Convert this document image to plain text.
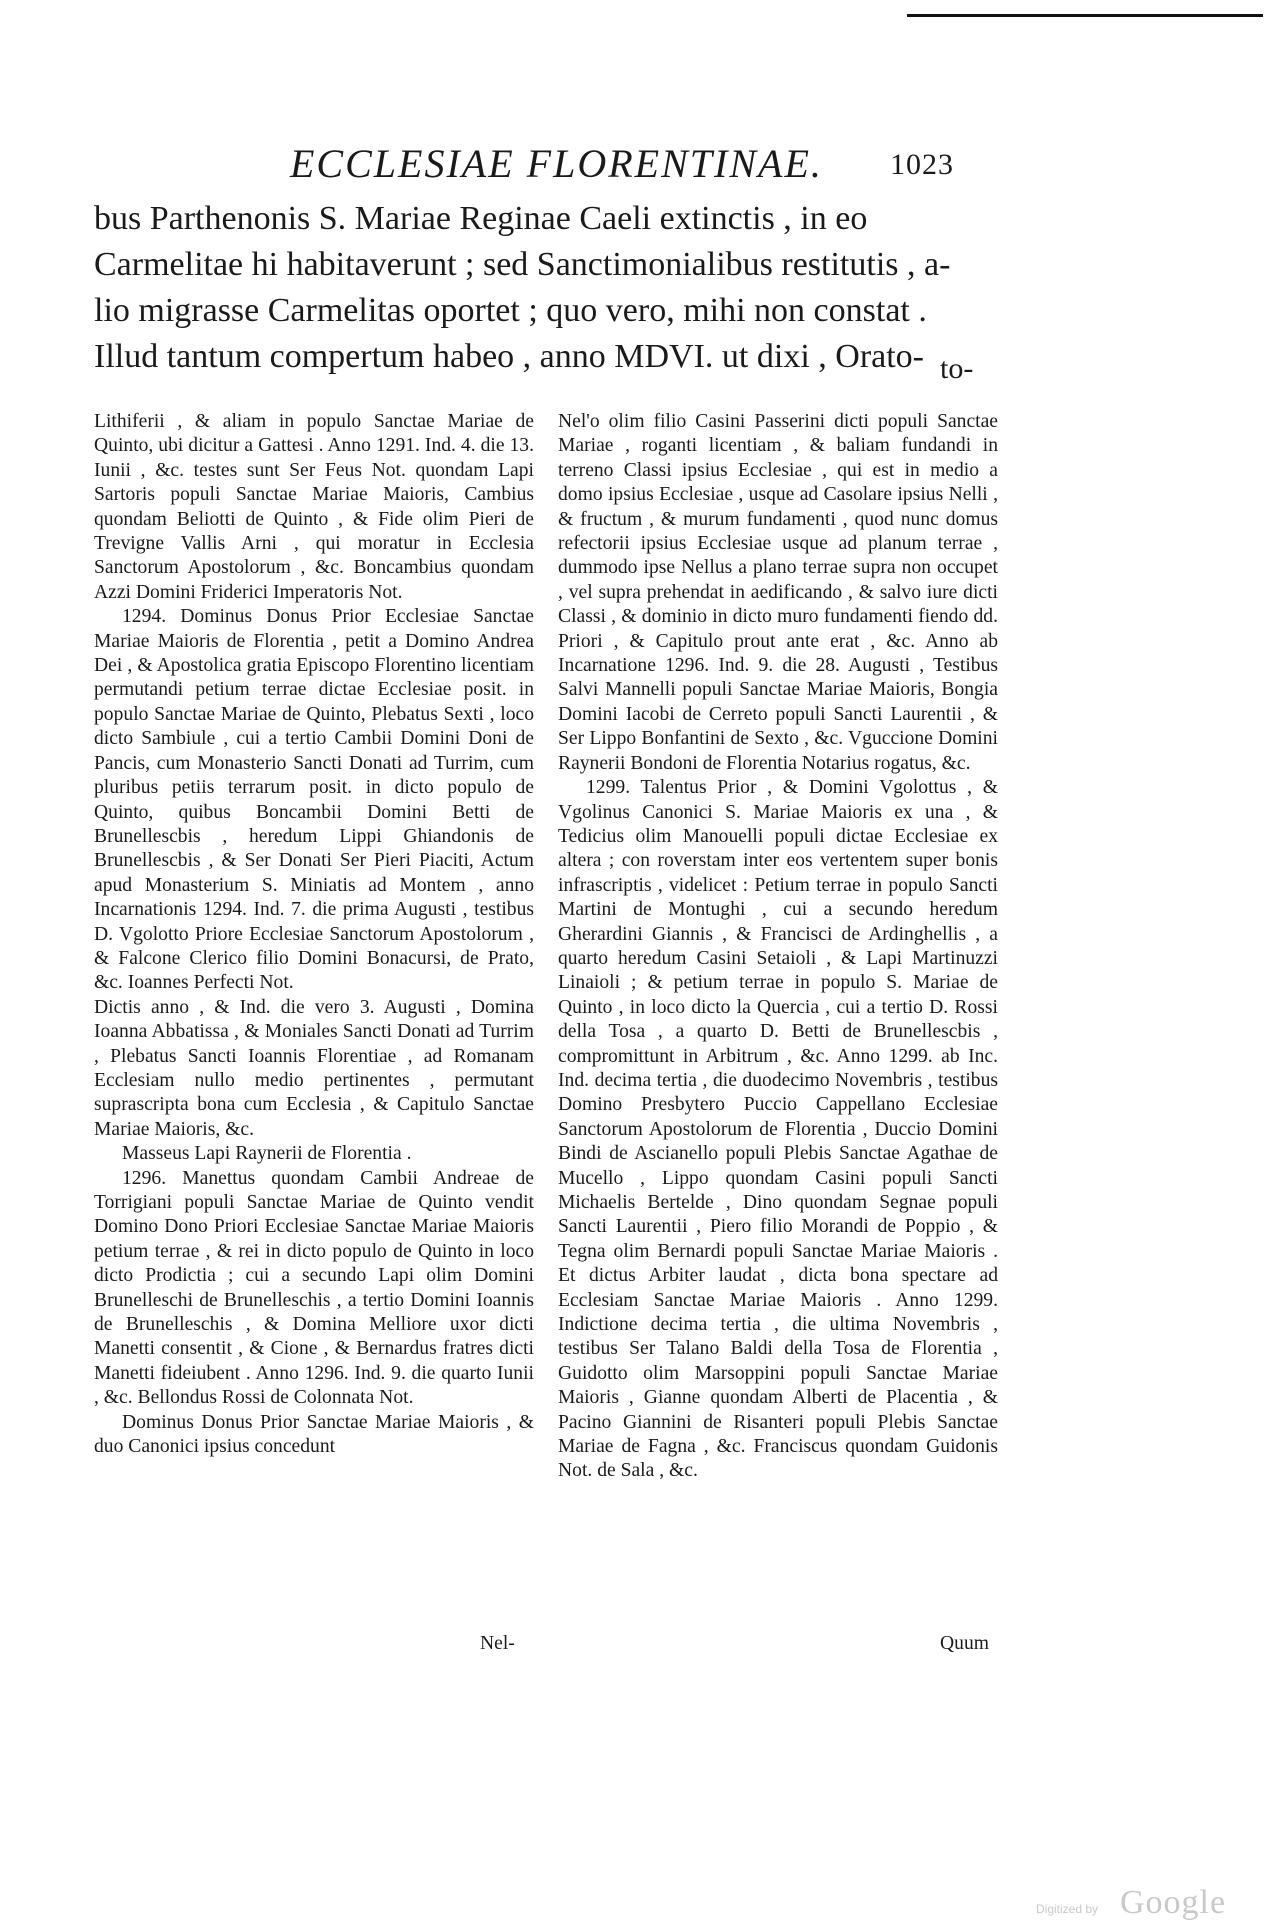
ECCLESIAE FLORENTINAE.	1023
bus Parthenonis S. Mariae Reginae Caeli extinctis , in eo
Carmelitae hi habitaverunt ; sed Sanctimonialibus restitutis , a-
lio migrasse Carmelitas oportet ; quo vero, mihi non constat .
Illud tantum compertum habeo , anno MDVI. ut dixi , Orato- to-

Lithiferii , & aliam in populo Sanctae Mariae de Quinto, ubi dicitur a Gattesi . Anno 1291. Ind. 4. die 13. Iunii , &c. testes sunt Ser Feus Not. quondam Lapi Sartoris populi Sanctae Mariae Maioris, Cambius quondam Beliotti de Quinto , & Fide olim Pieri de Trevigne Vallis Arni , qui moratur in Ecclesia Sanctorum Apostolorum , &c. Boncambius quondam Azzi Domini Friderici Imperatoris Not.

1294. Dominus Donus Prior Ecclesiae Sanctae Mariae Maioris de Florentia , petit a Domino Andrea Dei , & Apostolica gratia Episcopo Florentino licentiam permutandi petium terrae dictae Ecclesiae posit. in populo Sanctae Mariae de Quinto, Plebatus Sexti , loco dicto Sambiule , cui a tertio Cambii Domini Doni de Pancis, cum Monasterio Sancti Donati ad Turrim, cum pluribus petiis terrarum posit. in dicto populo de Quinto, quibus Boncambii Domini Betti de Brunellescbis , heredum Lippi Ghiandonis de Brunellescbis , & Ser Donati Ser Pieri Piaciti, Actum apud Monasterium S. Miniatis ad Montem , anno Incarnationis 1294. Ind. 7. die prima Augusti , testibus D. Vgolotto Priore Ecclesiae Sanctorum Apostolorum , & Falcone Clerico filio Domini Bonacursi, de Prato, &c. Ioannes Perfecti Not.

Dictis anno , & Ind. die vero 3. Augusti , Domina Ioanna Abbatissa , & Moniales Sancti Donati ad Turrim , Plebatus Sancti Ioannis Florentiae , ad Romanam Ecclesiam nullo medio pertinentes , permutant suprascripta bona cum Ecclesia , & Capitulo Sanctae Mariae Maioris, &c.

Masseus Lapi Raynerii de Florentia .

1296. Manettus quondam Cambii Andreae de Torrigiani populi Sanctae Mariae de Quinto vendit Domino Dono Priori Ecclesiae Sanctae Mariae Maioris petium terrae , & rei in dicto populo de Quinto in loco dicto Prodictia ; cui a secundo Lapi olim Domini Brunelleschi de Brunelleschis , a tertio Domini Ioannis de Brunelleschis , & Domina Melliore uxor dicti Manetti consentit , & Cione , & Bernardus fratres dicti Manetti fideiubent . Anno 1296. Ind. 9. die quarto Iunii , &c. Bellondus Rossi de Colonnata Not.

Dominus Donus Prior Sanctae Mariae Maioris , & duo Canonici ipsius concedunt

Nel-

Nel'o olim filio Casini Passerini dicti populi Sanctae Mariae , roganti licentiam , & baliam fundandi in terreno Classi ipsius Ecclesiae , qui est in medio a domo ipsius Ecclesiae , usque ad Casolare ipsius Nelli , & fructum , & murum fundamenti , quod nunc domus refectorii ipsius Ecclesiae usque ad planum terrae , dummodo ipse Nellus a plano terrae supra non occupet , vel supra prehendat in aedificando , & salvo iure dicti Classi , & dominio in dicto muro fundamenti fiendo dd. Priori , & Capitulo prout ante erat , &c. Anno ab Incarnatione 1296. Ind. 9. die 28. Augusti , Testibus Salvi Mannelli populi Sanctae Mariae Maioris, Bongia Domini Iacobi de Cerreto populi Sancti Laurentii , & Ser Lippo Bonfantini de Sexto , &c. Vguccione Domini Raynerii Bondoni de Florentia Notarius rogatus, &c.

1299. Talentus Prior , & Domini Vgolottus , & Vgolinus Canonici S. Mariae Maioris ex una , & Tedicius olim Manouelli populi dictae Ecclesiae ex altera ; con roverstam inter eos vertentem super bonis infrascriptis , videlicet : Petium terrae in populo Sancti Martini de Montughi , cui a secundo heredum Gherardini Giannis , & Francisci de Ardinghellis , a quarto heredum Casini Setaioli , & Lapi Martinuzzi Linaioli ; & petium terrae in populo S. Mariae de Quinto , in loco dicto la Quercia , cui a tertio D. Rossi della Tosa , a quarto D. Betti de Brunellescbis , compromittunt in Arbitrum , &c. Anno 1299. ab Inc. Ind. decima tertia , die duodecimo Novembris , testibus Domino Presbytero Puccio Cappellano Ecclesiae Sanctorum Apostolorum de Florentia , Duccio Domini Bindi de Ascianello populi Plebis Sanctae Agathae de Mucello , Lippo quondam Casini populi Sancti Michaelis Bertelde , Dino quondam Segnae populi Sancti Laurentii , Piero filio Morandi de Poppio , & Tegna olim Bernardi populi Sanctae Mariae Maioris . Et dictus Arbiter laudat , dicta bona spectare ad Ecclesiam Sanctae Mariae Maioris . Anno 1299. Indictione decima tertia , die ultima Novembris , testibus Ser Talano Baldi della Tosa de Florentia , Guidotto olim Marsoppini populi Sanctae Mariae Maioris , Gianne quondam Alberti de Placentia , & Pacino Giannini de Risanteri populi Plebis Sanctae Mariae de Fagna , &c. Franciscus quondam Guidonis Not. de Sala , &c.

Quum
Digitized by Google
